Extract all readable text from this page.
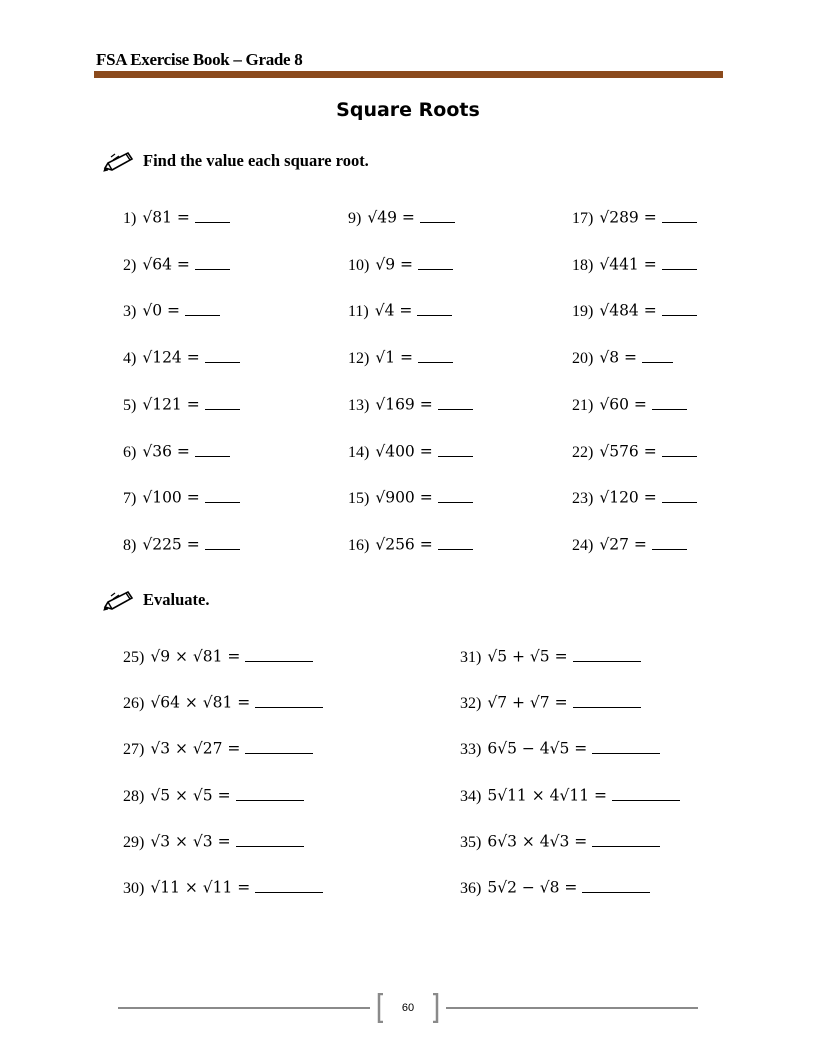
FSA Exercise Book – Grade 8
Square Roots
Find the value each square root.
Evaluate.
1) √81 =
2) √64 =
3) √0 =
4) √124 =
5) √121 =
6) √36 =
7) √100 =
8) √225 =
9) √49 =
10) √9 =
11) √4 =
12) √1 =
13) √169 =
14) √400 =
15) √900 =
16) √256 =
17) √289 =
18) √441 =
19) √484 =
20) √8 =
21) √60 =
22) √576 =
23) √120 =
24) √27 =
25) √9 × √81 =
26) √64 × √81 =
27) √3 × √27 =
28) √5 × √5 =
29) √3 × √3 =
30) √11 × √11 =
31) √5 + √5 =
32) √7 + √7 =
33) 6√5 − 4√5 =
34) 5√11 × 4√11 =
35) 6√3 × 4√3 =
36) 5√2 − √8 =
60
